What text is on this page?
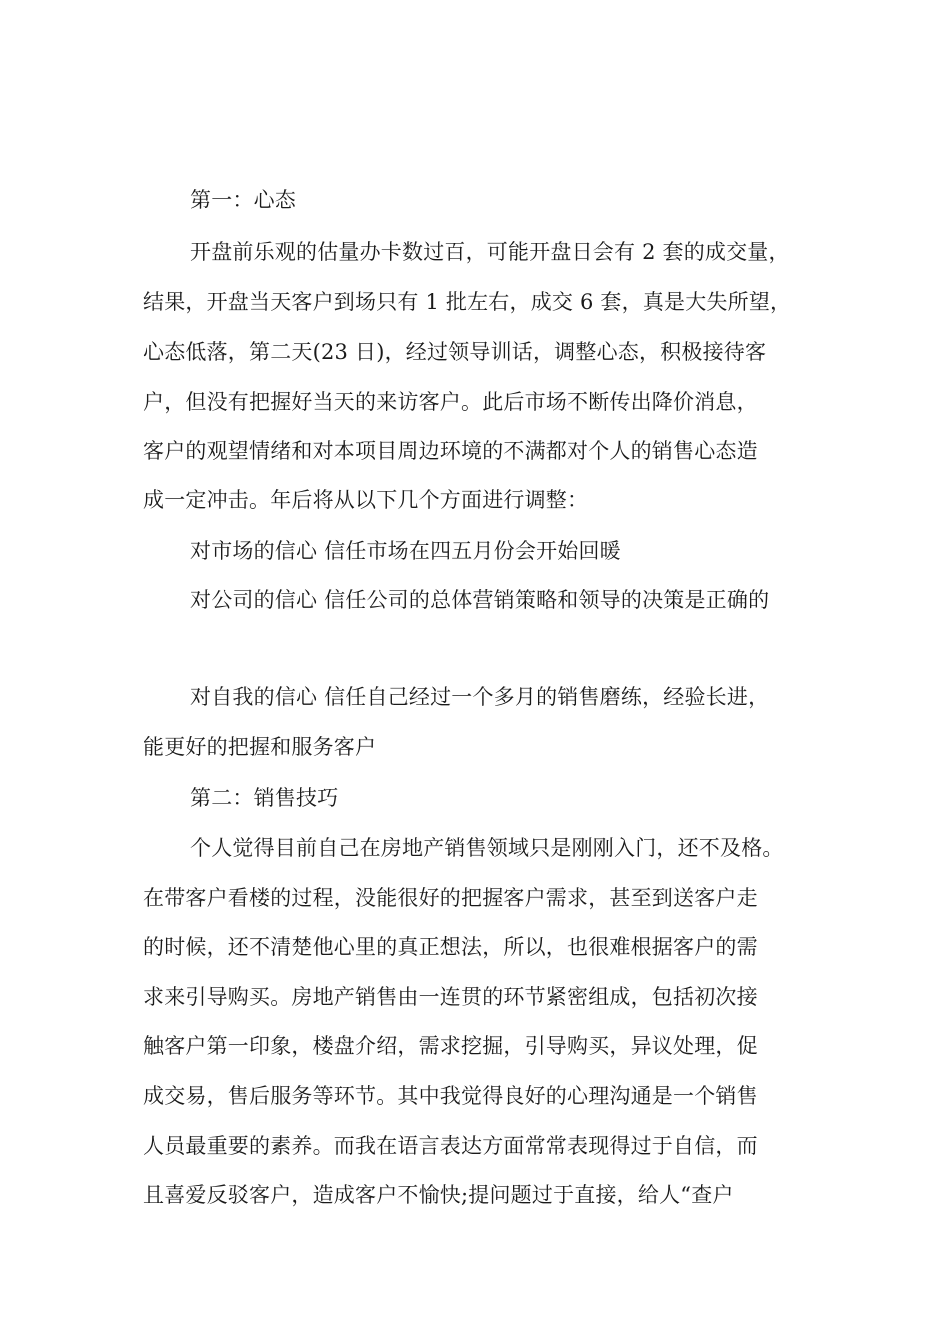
第一：心态
开盘前乐观的估量办卡数过百，可能开盘日会有 2 套的成交量，
结果，开盘当天客户到场只有 1 批左右，成交 6 套，真是大失所望，
心态低落，第二天(23 日)，经过领导训话，调整心态，积极接待客
户，但没有把握好当天的来访客户。此后市场不断传出降价消息，
客户的观望情绪和对本项目周边环境的不满都对个人的销售心态造
成一定冲击。年后将从以下几个方面进行调整：
对市场的信心 信任市场在四五月份会开始回暖
对公司的信心 信任公司的总体营销策略和领导的决策是正确的
对自我的信心 信任自己经过一个多月的销售磨练，经验长进，
能更好的把握和服务客户
第二：销售技巧
个人觉得目前自己在房地产销售领域只是刚刚入门，还不及格。
在带客户看楼的过程，没能很好的把握客户需求，甚至到送客户走
的时候，还不清楚他心里的真正想法，所以，也很难根据客户的需
求来引导购买。房地产销售由一连贯的环节紧密组成，包括初次接
触客户第一印象，楼盘介绍，需求挖掘，引导购买，异议处理，促
成交易，售后服务等环节。其中我觉得良好的心理沟通是一个销售
人员最重要的素养。而我在语言表达方面常常表现得过于自信，而
且喜爱反驳客户，造成客户不愉快;提问题过于直接，给人“查户
